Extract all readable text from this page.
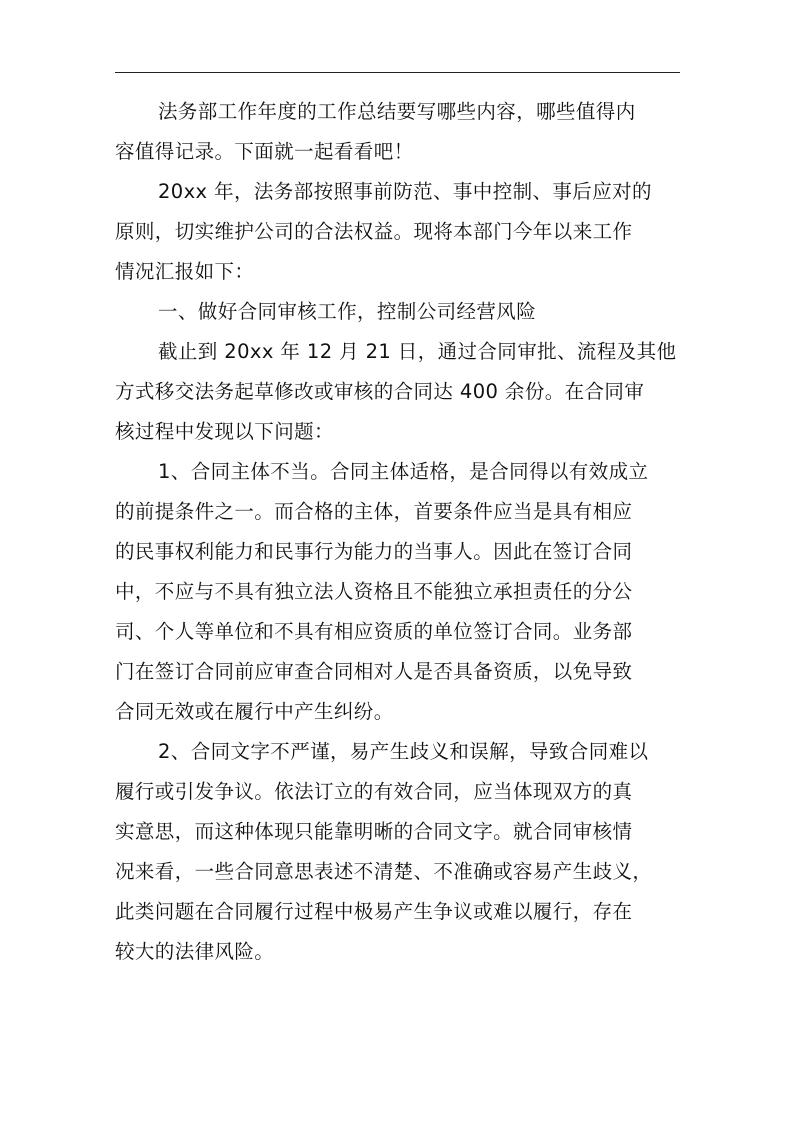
法务部工作年度的工作总结要写哪些内容，哪些值得内
容值得记录。下面就一起看看吧！
20xx 年，法务部按照事前防范、事中控制、事后应对的
原则，切实维护公司的合法权益。现将本部门今年以来工作
情况汇报如下：
一、做好合同审核工作，控制公司经营风险
截止到 20xx 年 12 月 21 日，通过合同审批、流程及其他
方式移交法务起草修改或审核的合同达 400 余份。在合同审
核过程中发现以下问题：
1、合同主体不当。合同主体适格，是合同得以有效成立
的前提条件之一。而合格的主体，首要条件应当是具有相应
的民事权利能力和民事行为能力的当事人。因此在签订合同
中，不应与不具有独立法人资格且不能独立承担责任的分公
司、个人等单位和不具有相应资质的单位签订合同。业务部
门在签订合同前应审查合同相对人是否具备资质，以免导致
合同无效或在履行中产生纠纷。
2、合同文字不严谨，易产生歧义和误解，导致合同难以
履行或引发争议。依法订立的有效合同，应当体现双方的真
实意思，而这种体现只能靠明晰的合同文字。就合同审核情
况来看，一些合同意思表述不清楚、不准确或容易产生歧义，
此类问题在合同履行过程中极易产生争议或难以履行，存在
较大的法律风险。
